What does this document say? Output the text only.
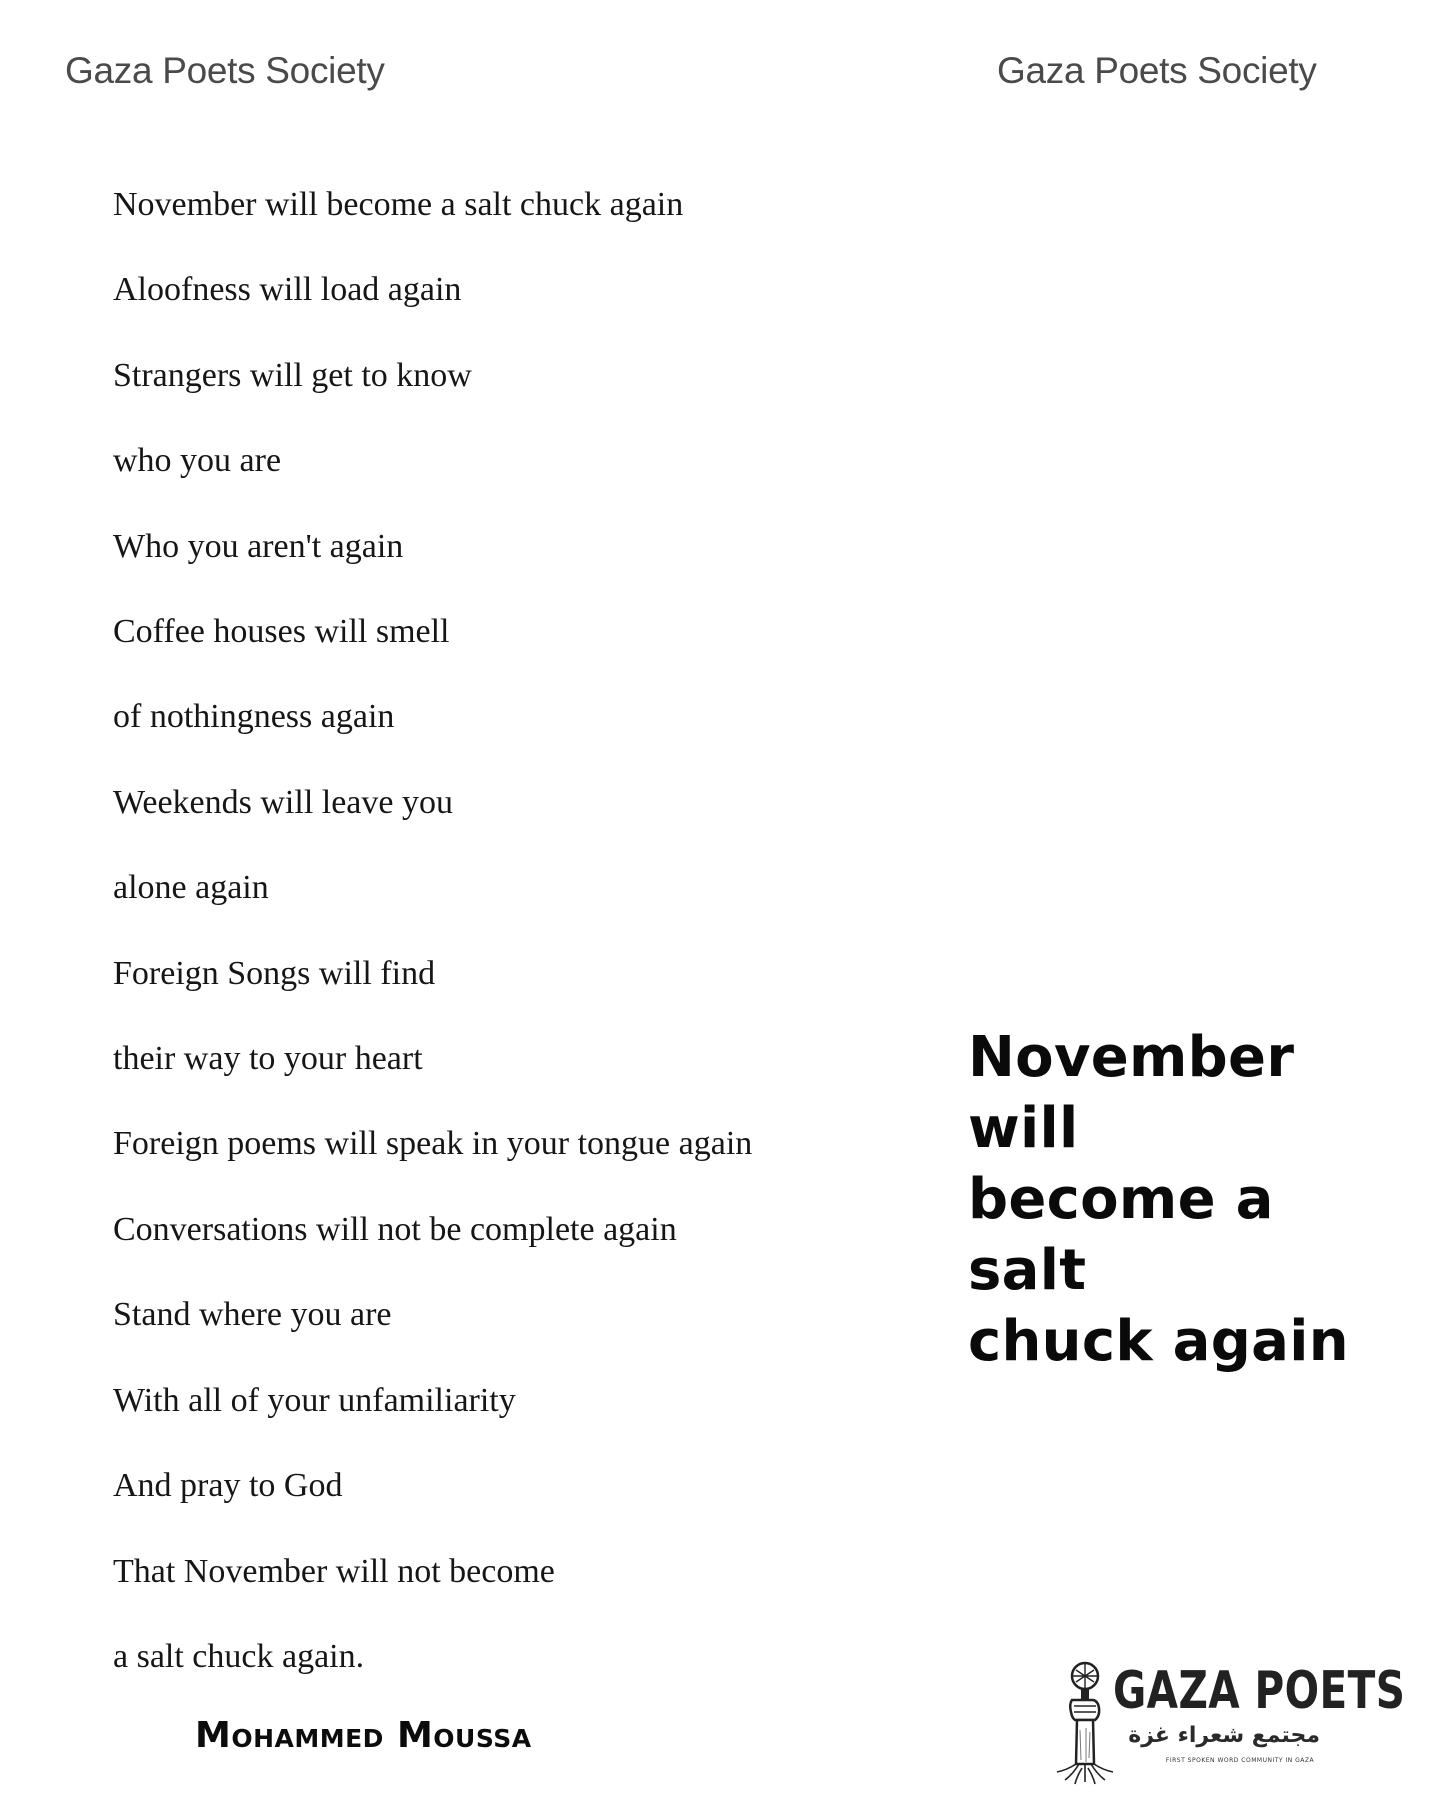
Gaza Poets Society	Gaza Poets Society
November will become a salt chuck again
Aloofness will load again
Strangers will get to know
who you are
Who you aren't again
Coffee houses will smell
of nothingness again
Weekends will leave you
alone again
Foreign Songs will find
their way to your heart
Foreign poems will speak in your tongue again
Conversations will not be complete again
Stand where you are
With all of your unfamiliarity
And pray to God
That November will not become
a salt chuck again.
Mohammed Moussa
November will
become a salt
chuck again
GAZA POETS
مجتمع شعراء غزة
FIRST SPOKEN WORD COMMUNITY IN GAZA
